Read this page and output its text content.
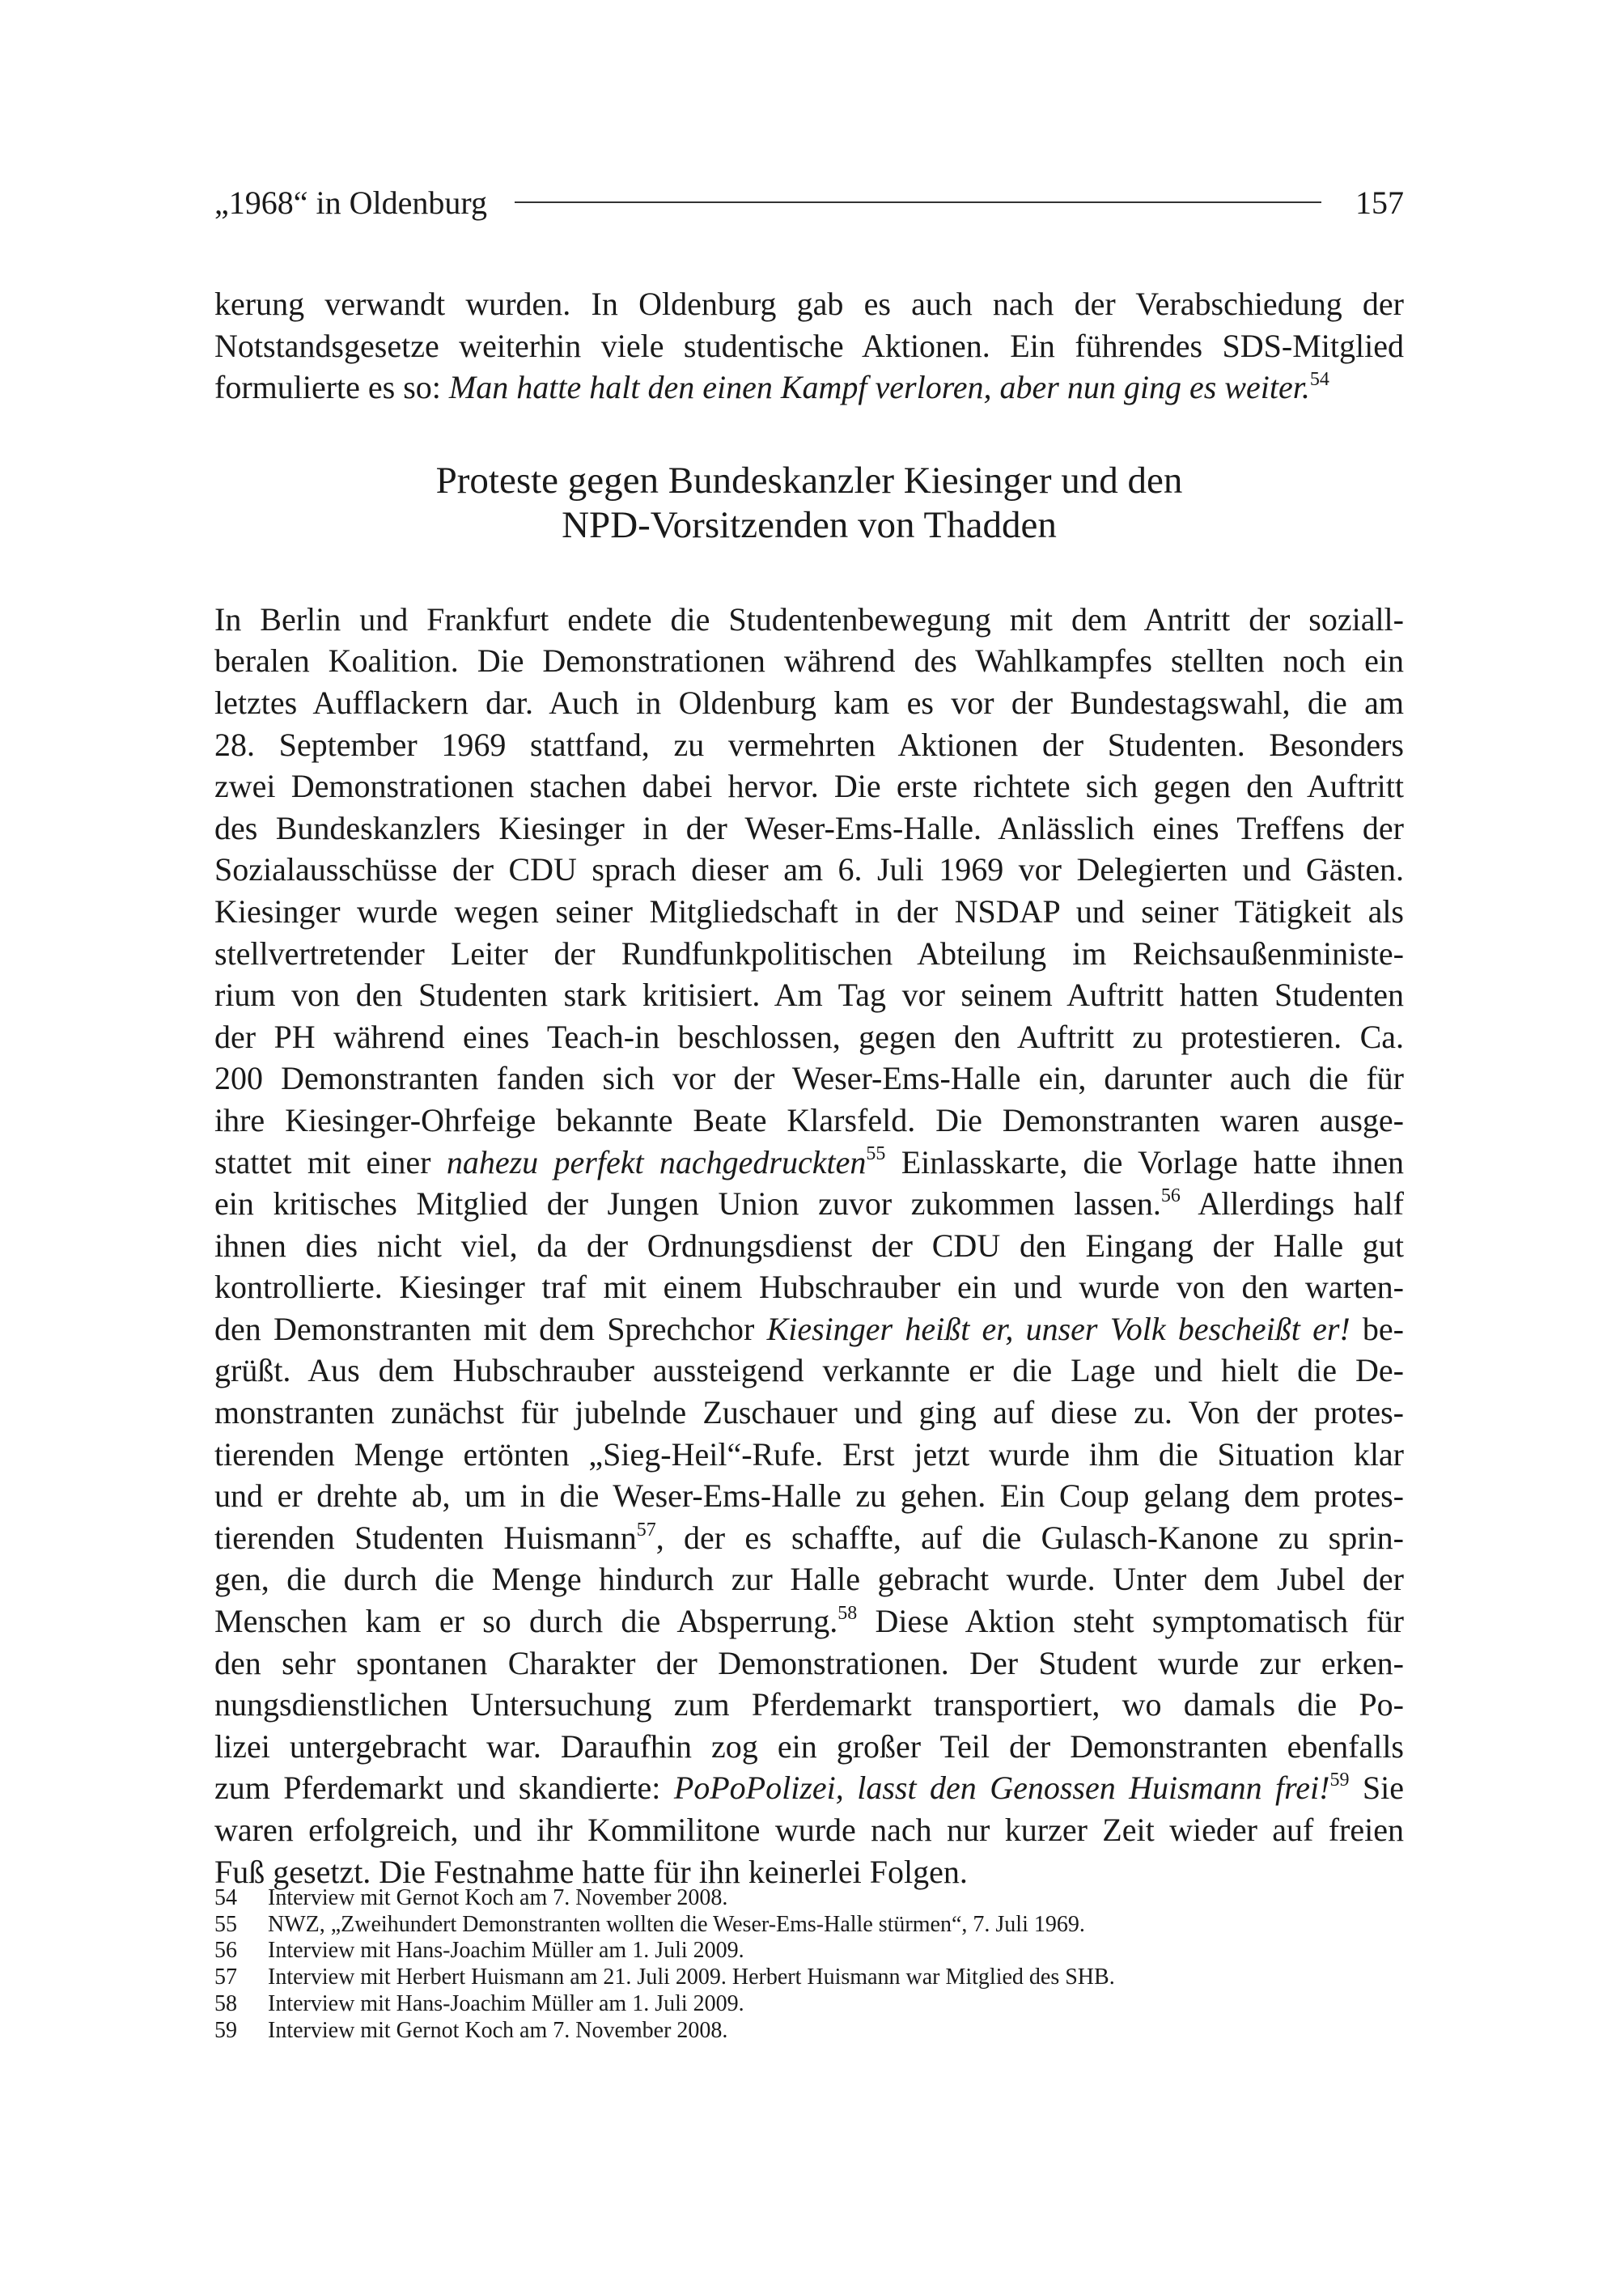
„1968“ in Oldenburg	157
kerung verwandt wurden. In Oldenburg gab es auch nach der Verabschiedung der
Notstandsgesetze weiterhin viele studentische Aktionen. Ein führendes SDS-Mitglied
formulierte es so: Man hatte halt den einen Kampf verloren, aber nun ging es weiter.$^{54}$
Proteste gegen Bundeskanzler Kiesinger und den
NPD-Vorsitzenden von Thadden
In Berlin und Frankfurt endete die Studentenbewegung mit dem Antritt der soziall-
beralen Koalition. Die Demonstrationen während des Wahlkampfes stellten noch ein
letztes Aufflackern dar. Auch in Oldenburg kam es vor der Bundestagswahl, die am
28. September 1969 stattfand, zu vermehrten Aktionen der Studenten. Besonders
zwei Demonstrationen stachen dabei hervor. Die erste richtete sich gegen den Auftritt
des Bundeskanzlers Kiesinger in der Weser-Ems-Halle. Anlässlich eines Treffens der
Sozialausschüsse der CDU sprach dieser am 6. Juli 1969 vor Delegierten und Gästen.
Kiesinger wurde wegen seiner Mitgliedschaft in der NSDAP und seiner Tätigkeit als
stellvertretender Leiter der Rundfunkpolitischen Abteilung im Reichsaußenministe-
rium von den Studenten stark kritisiert. Am Tag vor seinem Auftritt hatten Studenten
der PH während eines Teach-in beschlossen, gegen den Auftritt zu protestieren. Ca.
200 Demonstranten fanden sich vor der Weser-Ems-Halle ein, darunter auch die für
ihre Kiesinger-Ohrfeige bekannte Beate Klarsfeld. Die Demonstranten waren ausge-
stattet mit einer nahezu perfekt nachgedruckten$^{55}$ Einlasskarte, die Vorlage hatte ihnen
ein kritisches Mitglied der Jungen Union zuvor zukommen lassen.$^{56}$ Allerdings half
ihnen dies nicht viel, da der Ordnungsdienst der CDU den Eingang der Halle gut
kontrollierte. Kiesinger traf mit einem Hubschrauber ein und wurde von den warten-
den Demonstranten mit dem Sprechchor Kiesinger heißt er, unser Volk bescheißt er! be-
grüßt. Aus dem Hubschrauber aussteigend verkannte er die Lage und hielt die De-
monstranten zunächst für jubelnde Zuschauer und ging auf diese zu. Von der protes-
tierenden Menge ertönten „Sieg-Heil“-Rufe. Erst jetzt wurde ihm die Situation klar
und er drehte ab, um in die Weser-Ems-Halle zu gehen. Ein Coup gelang dem protes-
tierenden Studenten Huismann$^{57}$, der es schaffte, auf die Gulasch-Kanone zu sprin-
gen, die durch die Menge hindurch zur Halle gebracht wurde. Unter dem Jubel der
Menschen kam er so durch die Absperrung.$^{58}$ Diese Aktion steht symptomatisch für
den sehr spontanen Charakter der Demonstrationen. Der Student wurde zur erken-
nungsdienstlichen Untersuchung zum Pferdemarkt transportiert, wo damals die Po-
lizei untergebracht war. Daraufhin zog ein großer Teil der Demonstranten ebenfalls
zum Pferdemarkt und skandierte: PoPoPolizei, lasst den Genossen Huismann frei!$^{59}$ Sie
waren erfolgreich, und ihr Kommilitone wurde nach nur kurzer Zeit wieder auf freien
Fuß gesetzt. Die Festnahme hatte für ihn keinerlei Folgen.
54	Interview mit Gernot Koch am 7. November 2008.
55	NWZ, „Zweihundert Demonstranten wollten die Weser-Ems-Halle stürmen“, 7. Juli 1969.
56	Interview mit Hans-Joachim Müller am 1. Juli 2009.
57	Interview mit Herbert Huismann am 21. Juli 2009. Herbert Huismann war Mitglied des SHB.
58	Interview mit Hans-Joachim Müller am 1. Juli 2009.
59	Interview mit Gernot Koch am 7. November 2008.
